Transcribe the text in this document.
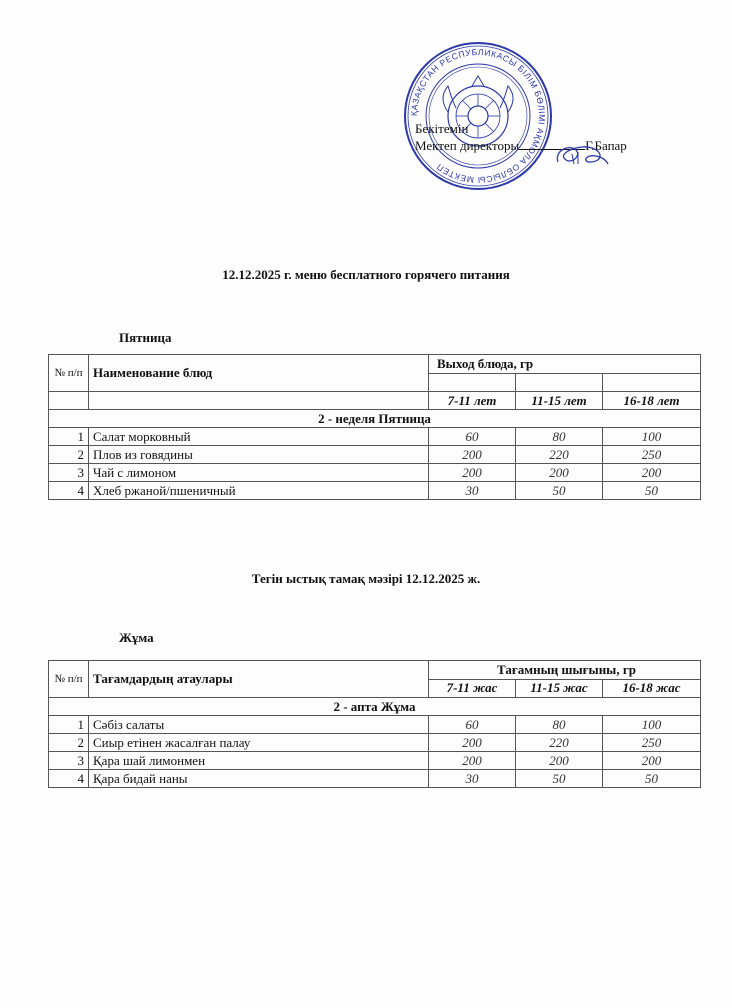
ҚАЗАҚСТАН РЕСПУБЛИКАСЫ БІЛІМ БӨЛІМІ АҚМОЛА ОБЛЫСЫ МЕКТЕП
Бекітемін
Мектеп директоры	Г.Бапар
12.12.2025 г. меню бесплатного горячего питания
Пятница
№ п/п	Наименование блюд	Выход блюда, гр		

		7-11 лет	11-15 лет	16-18 лет
2 - неделя Пятница				
1	Салат морковный	60	80	100
2	Плов из говядины	200	220	250
3	Чай с лимоном	200	200	200
4	Хлеб ржаной/пшеничный	30	50	50
Тегін ыстық тамақ мәзірі 12.12.2025 ж.
Жұма
№ п/п	Тағамдардың атаулары	Тағамның шығыны, гр		
		7-11 жас	11-15 жас	16-18 жас
2 - апта Жұма				
1	Сәбіз салаты	60	80	100
2	Сиыр етінен жасалған палау	200	220	250
3	Қара шай лимонмен	200	200	200
4	Қара бидай наны	30	50	50
